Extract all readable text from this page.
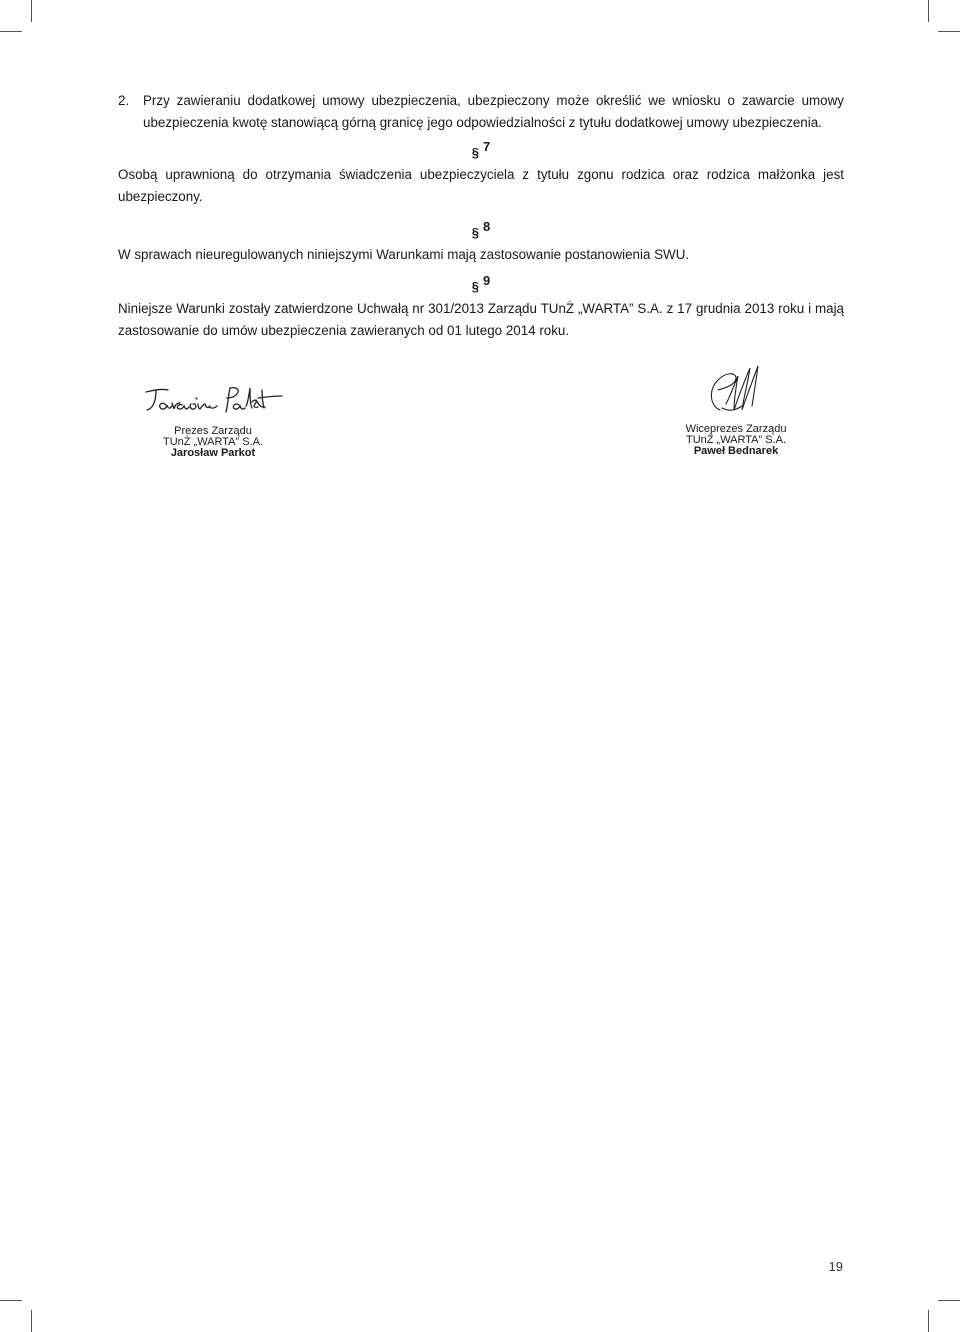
2. Przy zawieraniu dodatkowej umowy ubezpieczenia, ubezpieczony może określić we wniosku o zawarcie umowy ubezpieczenia kwotę stanowiącą górną granicę jego odpowiedzialności z tytułu dodatkowej umowy ubezpieczenia.
§ 7
Osobą uprawnioną do otrzymania świadczenia ubezpieczyciela z tytułu zgonu rodzica oraz rodzica małżonka jest ubezpieczony.
§ 8
W sprawach nieuregulowanych niniejszymi Warunkami mają zastosowanie postanowienia SWU.
§ 9
Niniejsze Warunki zostały zatwierdzone Uchwałą nr 301/2013 Zarządu TUnŻ „WARTA” S.A. z 17 grudnia 2013 roku i mają zastosowanie do umów ubezpieczenia zawieranych od 01 lutego 2014 roku.
Prezes Zarządu
TUnŻ „WARTA” S.A.
Jarosław Parkot
Wiceprezes Zarządu
TUnŻ „WARTA” S.A.
Paweł Bednarek
19
